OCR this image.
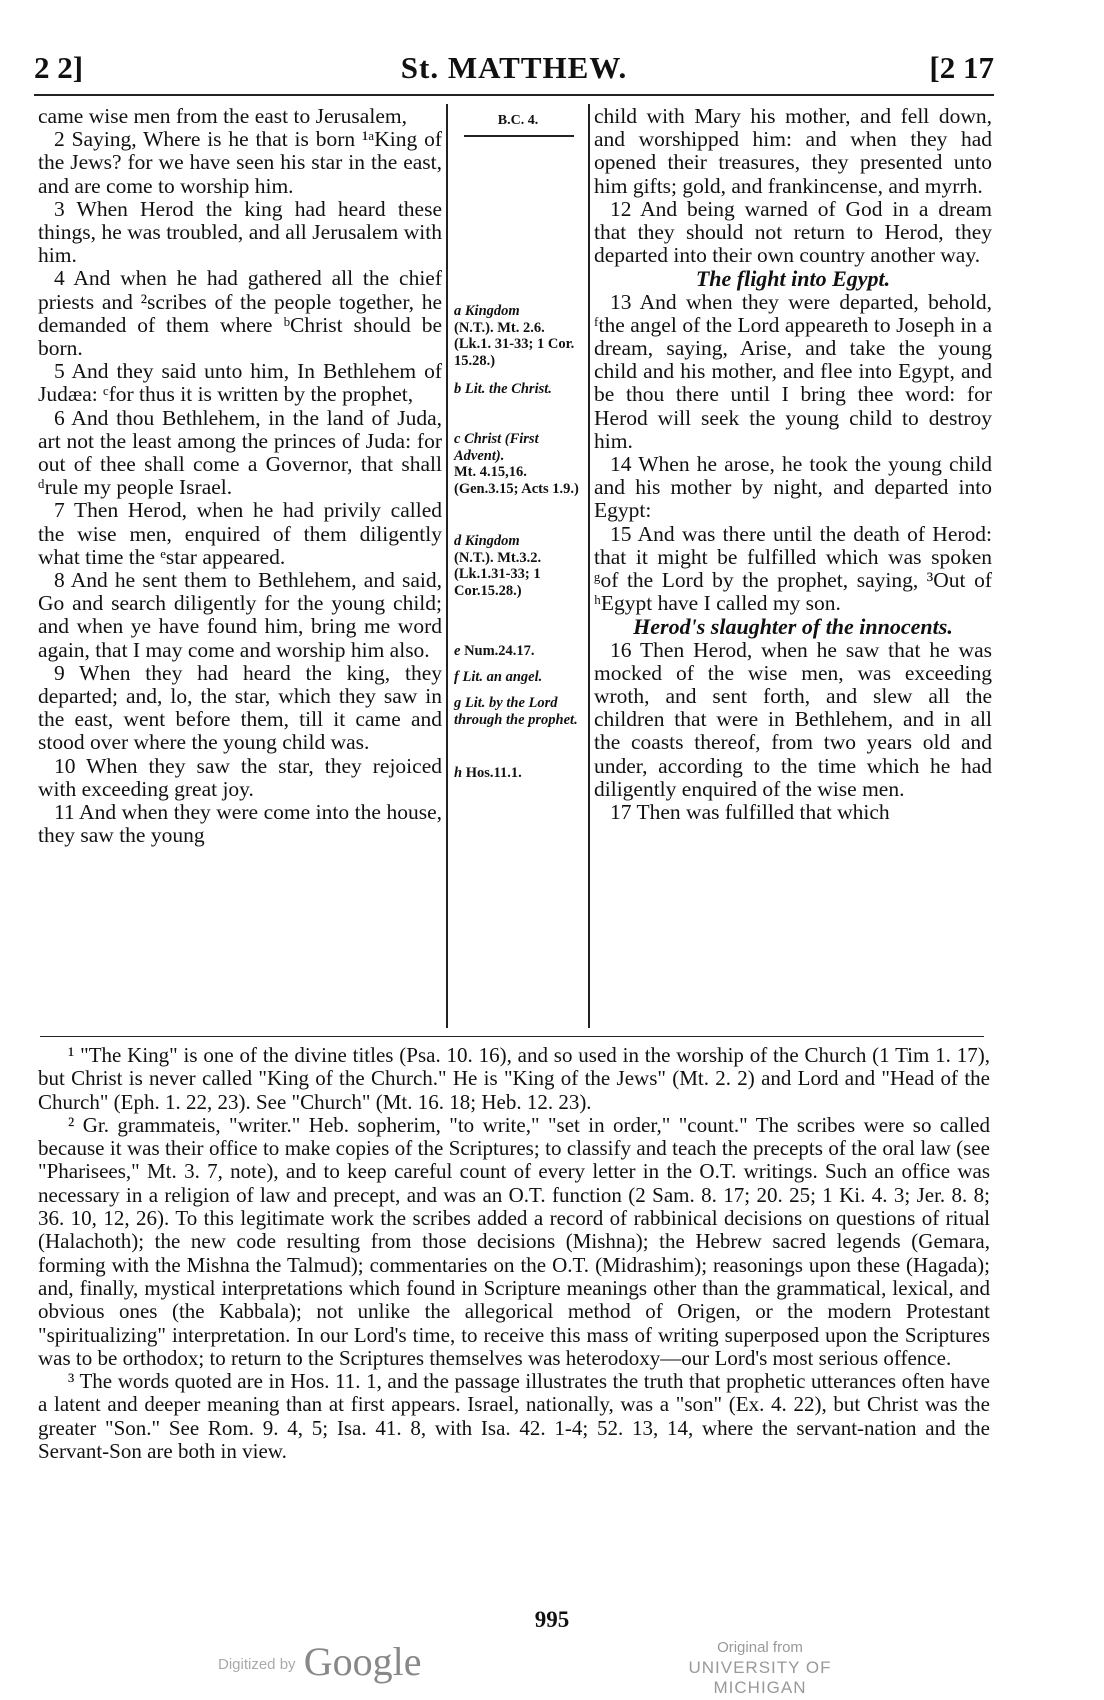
2 2]	St. MATTHEW.	[2 17

came wise men from the east to Jerusalem,

2 Saying, Where is he that is born ¹ᵃKing of the Jews? for we have seen his star in the east, and are come to worship him.

3 When Herod the king had heard these things, he was troubled, and all Jerusalem with him.

4 And when he had gathered all the chief priests and ²scribes of the people together, he demanded of them where ᵇChrist should be born.

5 And they said unto him, In Bethlehem of Judæa: ᶜfor thus it is written by the prophet,

6 And thou Bethlehem, in the land of Juda, art not the least among the princes of Juda: for out of thee shall come a Governor, that shall ᵈrule my people Israel.

7 Then Herod, when he had privily called the wise men, enquired of them diligently what time the ᵉstar appeared.

8 And he sent them to Bethlehem, and said, Go and search diligently for the young child; and when ye have found him, bring me word again, that I may come and worship him also.

9 When they had heard the king, they departed; and, lo, the star, which they saw in the east, went before them, till it came and stood over where the young child was.

10 When they saw the star, they rejoiced with exceeding great joy.

11 And when they were come into the house, they saw the young

B.C. 4.
a Kingdom
(N.T.). Mt. 2.6. (Lk.1. 31-33; 1 Cor. 15.28.)
b Lit. the Christ.
c Christ (First Advent).
Mt. 4.15,16. (Gen.3.15; Acts 1.9.)
d Kingdom
(N.T.). Mt.3.2. (Lk.1.31-33; 1 Cor.15.28.)
e Num.24.17.
f Lit. an angel.
g Lit. by the Lord through the prophet.
h Hos.11.1.

child with Mary his mother, and fell down, and worshipped him: and when they had opened their treasures, they presented unto him gifts; gold, and frankincense, and myrrh.

12 And being warned of God in a dream that they should not return to Herod, they departed into their own country another way.

The flight into Egypt.

13 And when they were departed, behold, ᶠthe angel of the Lord appeareth to Joseph in a dream, saying, Arise, and take the young child and his mother, and flee into Egypt, and be thou there until I bring thee word: for Herod will seek the young child to destroy him.

14 When he arose, he took the young child and his mother by night, and departed into Egypt:

15 And was there until the death of Herod: that it might be fulfilled which was spoken ᵍof the Lord by the prophet, saying, ³Out of ʰEgypt have I called my son.

Herod's slaughter of the innocents.

16 Then Herod, when he saw that he was mocked of the wise men, was exceeding wroth, and sent forth, and slew all the children that were in Bethlehem, and in all the coasts thereof, from two years old and under, according to the time which he had diligently enquired of the wise men.

17 Then was fulfilled that which

¹ "The King" is one of the divine titles (Psa. 10. 16), and so used in the worship of the Church (1 Tim 1. 17), but Christ is never called "King of the Church." He is "King of the Jews" (Mt. 2. 2) and Lord and "Head of the Church" (Eph. 1. 22, 23). See "Church" (Mt. 16. 18; Heb. 12. 23).

² Gr. grammateis, "writer." Heb. sopherim, "to write," "set in order," "count." The scribes were so called because it was their office to make copies of the Scriptures; to classify and teach the precepts of the oral law (see "Pharisees," Mt. 3. 7, note), and to keep careful count of every letter in the O.T. writings. Such an office was necessary in a religion of law and precept, and was an O.T. function (2 Sam. 8. 17; 20. 25; 1 Ki. 4. 3; Jer. 8. 8; 36. 10, 12, 26). To this legitimate work the scribes added a record of rabbinical decisions on questions of ritual (Halachoth); the new code resulting from those decisions (Mishna); the Hebrew sacred legends (Gemara, forming with the Mishna the Talmud); commentaries on the O.T. (Midrashim); reasonings upon these (Hagada); and, finally, mystical interpretations which found in Scripture meanings other than the grammatical, lexical, and obvious ones (the Kabbala); not unlike the allegorical method of Origen, or the modern Protestant "spiritualizing" interpretation. In our Lord's time, to receive this mass of writing superposed upon the Scriptures was to be orthodox; to return to the Scriptures themselves was heterodoxy—our Lord's most serious offence.

³ The words quoted are in Hos. 11. 1, and the passage illustrates the truth that prophetic utterances often have a latent and deeper meaning than at first appears. Israel, nationally, was a "son" (Ex. 4. 22), but Christ was the greater "Son." See Rom. 9. 4, 5; Isa. 41. 8, with Isa. 42. 1-4; 52. 13, 14, where the servant-nation and the Servant-Son are both in view.

995
Digitized by Google	Original from
UNIVERSITY OF MICHIGAN
